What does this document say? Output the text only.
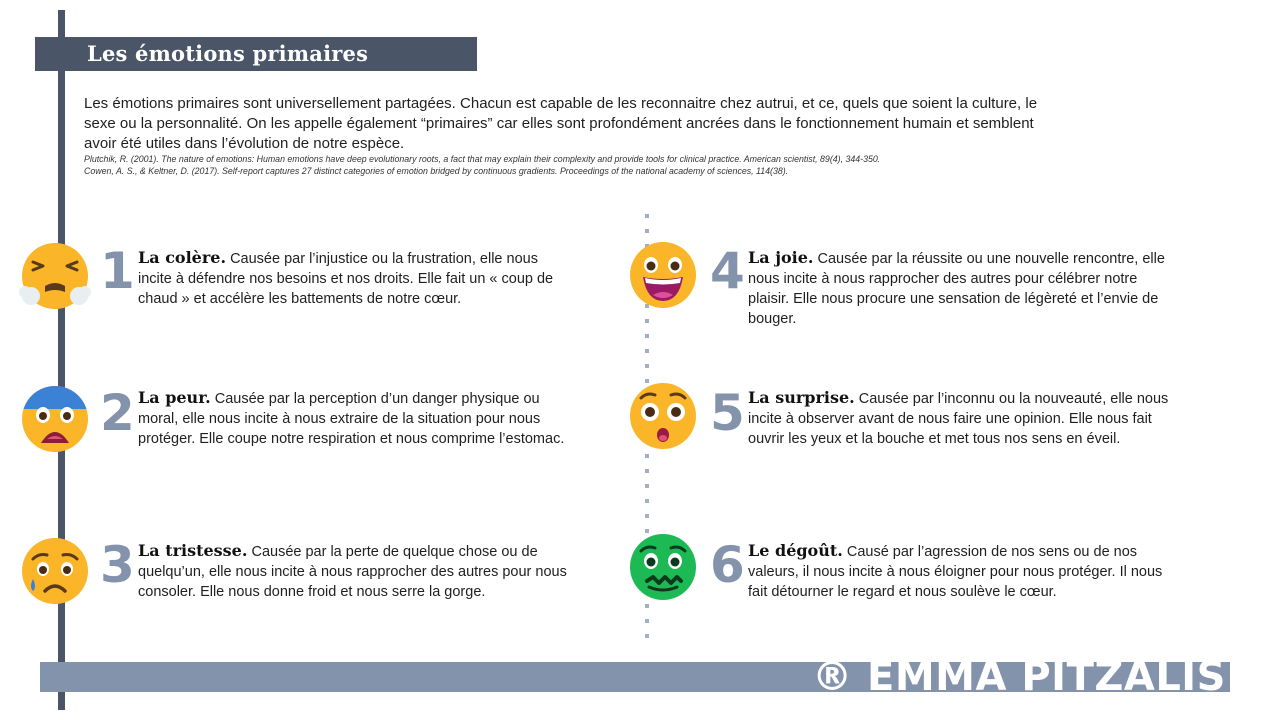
Les émotions primaires
Les émotions primaires sont universellement partagées. Chacun est capable de les reconnaitre chez autrui, et ce, quels que soient la culture, le sexe ou la personnalité. On les appelle également “primaires” car elles sont profondément ancrées dans le fonctionnement humain et semblent avoir été utiles dans l’évolution de notre espèce.
Plutchik, R. (2001). The nature of emotions: Human emotions have deep evolutionary roots, a fact that may explain their complexity and provide tools for clinical practice. American scientist, 89(4), 344-350.
Cowen, A. S., & Keltner, D. (2017). Self-report captures 27 distinct categories of emotion bridged by continuous gradients. Proceedings of the national academy of sciences, 114(38).
1 La colère. Causée par l’injustice ou la frustration, elle nous incite à défendre nos besoins et nos droits. Elle fait un « coup de chaud » et accélère les battements de notre cœur.
2 La peur. Causée par la perception d’un danger physique ou moral, elle nous incite à nous extraire de la situation pour nous protéger. Elle coupe notre respiration et nous comprime l’estomac.
3 La tristesse. Causée par la perte de quelque chose ou de quelqu’un, elle nous incite à nous rapprocher des autres pour nous consoler. Elle nous donne froid et nous serre la gorge.
4 La joie. Causée par la réussite ou une nouvelle rencontre, elle nous incite à nous rapprocher des autres pour célébrer notre plaisir. Elle nous procure une sensation de légèreté et l’envie de bouger.
5 La surprise. Causée par l’inconnu ou la nouveauté, elle nous incite à observer avant de nous faire une opinion. Elle nous fait ouvrir les yeux et la bouche et met tous nos sens en éveil.
6 Le dégoût. Causé par l’agression de nos sens ou de nos valeurs, il nous incite à nous éloigner pour nous protéger. Il nous fait détourner le regard et nous soulève le cœur.
® EMMA PITZALIS
